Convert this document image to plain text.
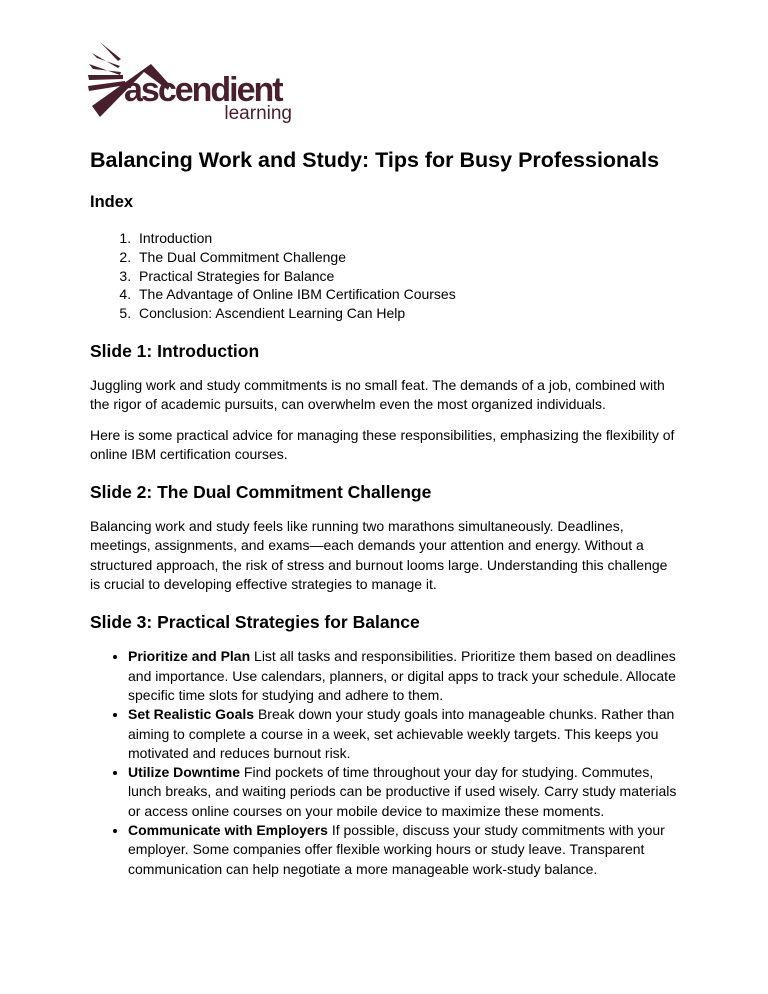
ascendient
learning
Balancing Work and Study: Tips for Busy Professionals
Index
1. Introduction
2. The Dual Commitment Challenge
3. Practical Strategies for Balance
4. The Advantage of Online IBM Certification Courses
5. Conclusion: Ascendient Learning Can Help
Slide 1: Introduction

Juggling work and study commitments is no small feat. The demands of a job, combined with the rigor of academic pursuits, can overwhelm even the most organized individuals.

Here is some practical advice for managing these responsibilities, emphasizing the flexibility of online IBM certification courses.

Slide 2: The Dual Commitment Challenge

Balancing work and study feels like running two marathons simultaneously. Deadlines, meetings, assignments, and exams—each demands your attention and energy. Without a structured approach, the risk of stress and burnout looms large. Understanding this challenge is crucial to developing effective strategies to manage it.

Slide 3: Practical Strategies for Balance
• Prioritize and Plan List all tasks and responsibilities. Prioritize them based on deadlines and importance. Use calendars, planners, or digital apps to track your schedule. Allocate specific time slots for studying and adhere to them.
• Set Realistic Goals Break down your study goals into manageable chunks. Rather than aiming to complete a course in a week, set achievable weekly targets. This keeps you motivated and reduces burnout risk.
• Utilize Downtime Find pockets of time throughout your day for studying. Commutes, lunch breaks, and waiting periods can be productive if used wisely. Carry study materials or access online courses on your mobile device to maximize these moments.
• Communicate with Employers If possible, discuss your study commitments with your employer. Some companies offer flexible working hours or study leave. Transparent communication can help negotiate a more manageable work-study balance.
